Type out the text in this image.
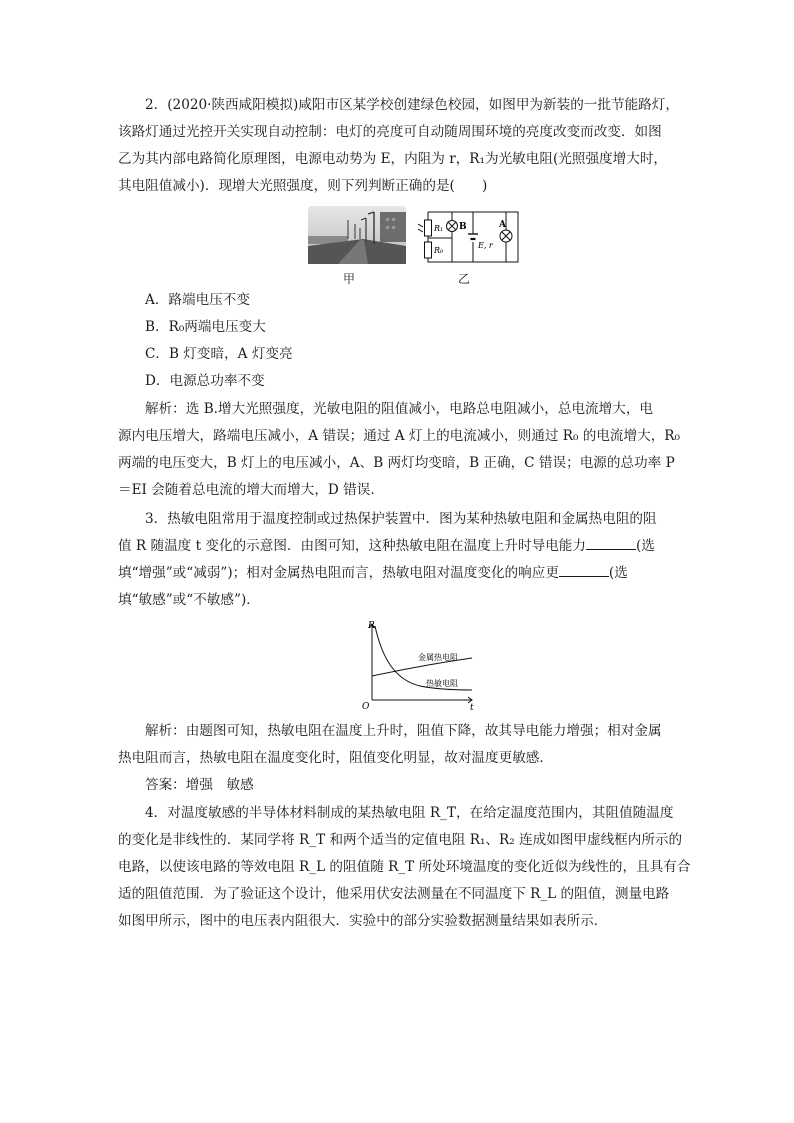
2．(2020·陕西咸阳模拟)咸阳市区某学校创建绿色校园，如图甲为新装的一批节能路灯，
该路灯通过光控开关实现自动控制：电灯的亮度可自动随周围环境的亮度改变而改变．如图
乙为其内部电路简化原理图，电源电动势为 E，内阻为 r，R₁为光敏电阻(光照强度增大时，
其电阻值减小)．现增大光照强度，则下列判断正确的是(　　)
甲
R₁
R₀
B	A
E, r
乙
A．路端电压不变
B．R₀两端电压变大
C．B 灯变暗，A 灯变亮
D．电源总功率不变
解析：选 B.增大光照强度，光敏电阻的阻值减小，电路总电阻减小，总电流增大，电
源内电压增大，路端电压减小，A 错误；通过 A 灯上的电流减小，则通过 R₀ 的电流增大，R₀
两端的电压变大，B 灯上的电压减小，A、B 两灯均变暗，B 正确，C 错误；电源的总功率 P
＝EI 会随着总电流的增大而增大，D 错误．
3．热敏电阻常用于温度控制或过热保护装置中．图为某种热敏电阻和金属热电阻的阻
值 R 随温度 t 变化的示意图．由图可知，这种热敏电阻在温度上升时导电能力	(选
填“增强”或“减弱”)；相对金属热电阻而言，热敏电阻对温度变化的响应更	(选
填“敏感”或“不敏感”)．
R
t
O
金属热电阻
热敏电阻
解析：由题图可知，热敏电阻在温度上升时，阻值下降，故其导电能力增强；相对金属
热电阻而言，热敏电阻在温度变化时，阻值变化明显，故对温度更敏感．
答案：增强　敏感
4．对温度敏感的半导体材料制成的某热敏电阻 R_T，在给定温度范围内，其阻值随温度
的变化是非线性的．某同学将 R_T 和两个适当的定值电阻 R₁、R₂ 连成如图甲虚线框内所示的
电路，以使该电路的等效电阻 R_L 的阻值随 R_T 所处环境温度的变化近似为线性的，且具有合
适的阻值范围．为了验证这个设计，他采用伏安法测量在不同温度下 R_L 的阻值，测量电路
如图甲所示，图中的电压表内阻很大．实验中的部分实验数据测量结果如表所示．
